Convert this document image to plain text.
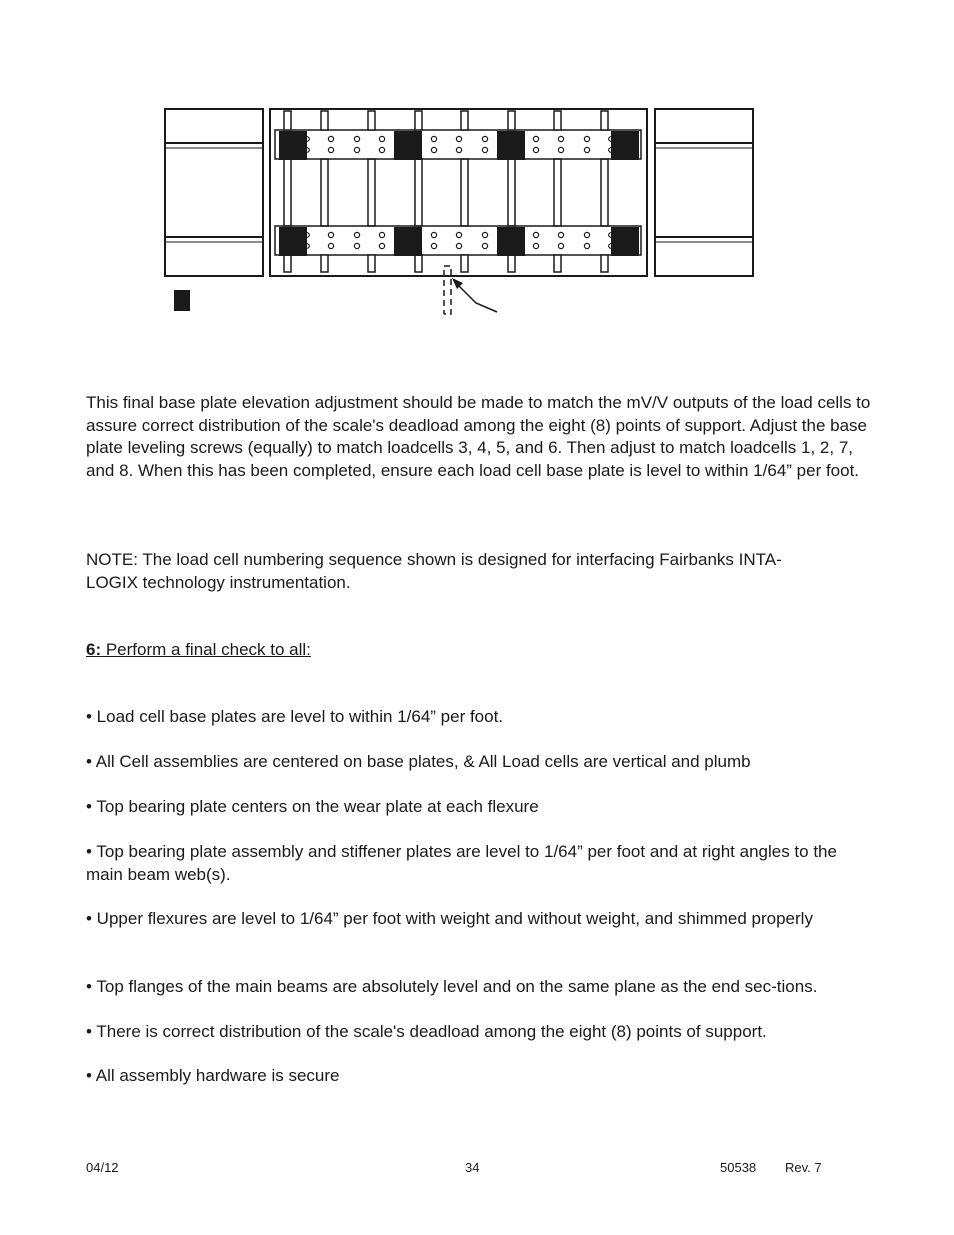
This final base plate elevation adjustment should be made to match the mV/V outputs of the load cells to assure correct distribution of the scale's deadload among the eight (8) points of support. Adjust the base plate leveling screws (equally) to match loadcells 3, 4, 5, and 6. Then adjust to match loadcells 1, 2, 7, and 8. When this has been completed, ensure each load cell base plate is level to within 1/64” per foot.

NOTE: The load cell numbering sequence shown is designed for interfacing Fairbanks INTA-

LOGIX technology instrumentation.

6: Perform a final check to all:

• Load cell base plates are level to within 1/64” per foot.

• All Cell assemblies are centered on base plates, & All Load cells are vertical and plumb

• Top bearing plate centers on the wear plate at each flexure

• Top bearing plate assembly and stiffener plates are level to 1/64” per foot and at right angles to the main beam web(s).

• Upper flexures are level to 1/64” per foot with weight and without weight, and shimmed properly

• Top flanges of the main beams are absolutely level and on the same plane as the end sec-tions.

• There is correct distribution of the scale's deadload among the eight (8) points of support.

• All assembly hardware is secure

04/12	34	50538 Rev. 7
